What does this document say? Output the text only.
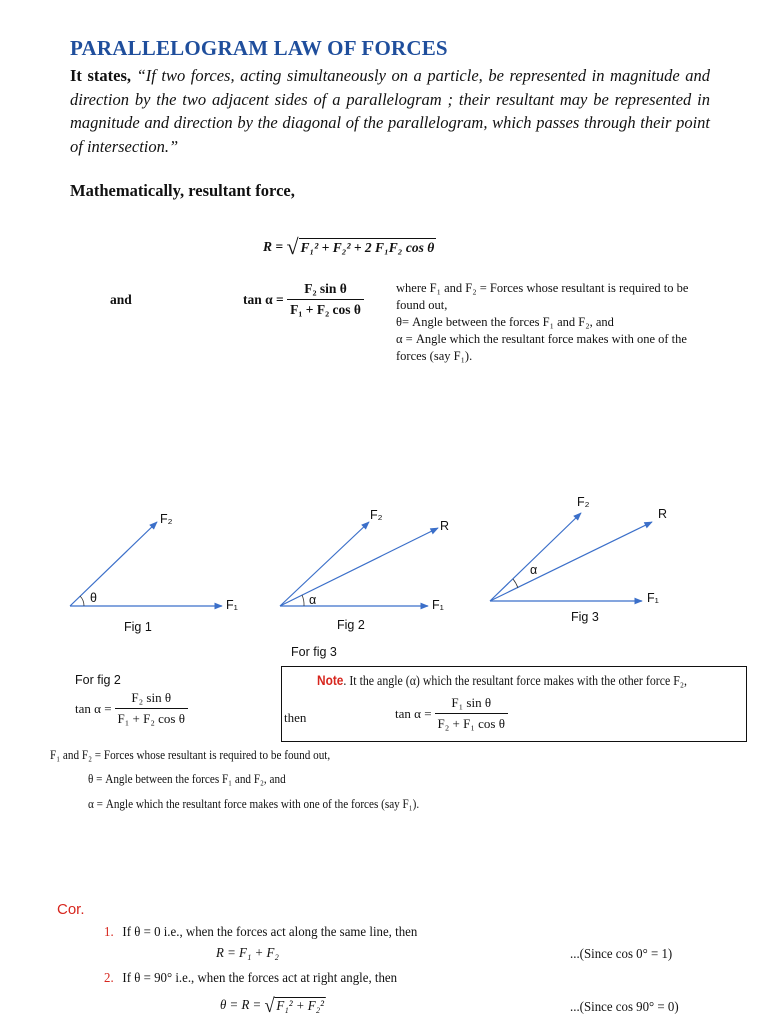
PARALLELOGRAM LAW OF FORCES
It states, “If two forces, acting simultaneously on a particle, be represented in magnitude and direction by the two adjacent sides of a parallelogram ; their resultant may be represented in magnitude and direction by the diagonal of the parallelogram, which passes through their point of intersection.”
Mathematically, resultant force,
R = √ F₁² + F₂² + 2 F₁F₂ cos θ
and	$\tan \alpha = \frac{\text{F₂ sin θ}}{\text{F₁ + F₂ cos θ}}$	where F₁ and F₂ = Forces whose resultant is required to be found out,
θ= Angle between the forces F₁ and F₂, and
α = Angle which the resultant force makes with one of the forces (say F₁).
F₂
θ	F₁
Fig 1
F₂
R
α	F₁
Fig 2
F₂
R
α
F₁
Fig 3
For fig 3
For fig 2
$\tan \alpha = \frac{\text{F₂ sin θ}}{\text{F₁ + F₂ cos θ}}$
Note. It the angle (α) which the resultant force makes with the other force F₂,
then	$\tan \alpha = \frac{\text{F₁ sin θ}}{\text{F₂ + F₁ cos θ}}$
F₁ and F₂ = Forces whose resultant is required to be found out,
θ = Angle between the forces F₁ and F₂, and
α = Angle which the resultant force makes with one of the forces (say F₁).
Cor.
1. If θ = 0 i.e., when the forces act along the same line, then
R = F₁ + F₂	...(Since cos 0° = 1)
2. If θ = 90° i.e., when the forces act at right angle, then
θ = R = √ F₁² + F₂²	...(Since cos 90° = 0)
